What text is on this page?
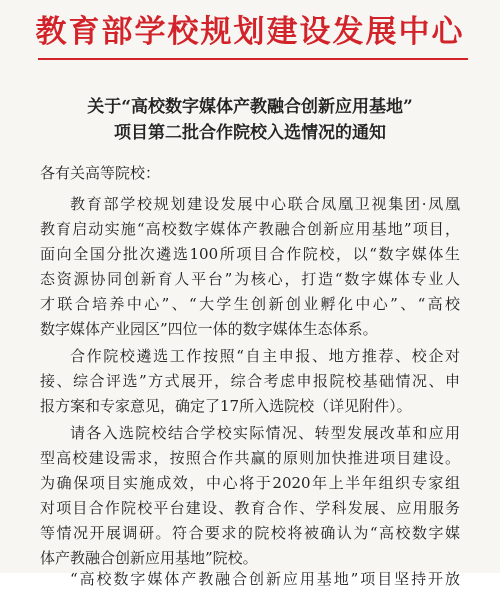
教育部学校规划建设发展中心
关于“高校数字媒体产教融合创新应用基地”
项目第二批合作院校入选情况的通知
各有关高等院校：
教育部学校规划建设发展中心联合凤凰卫视集团·凤凰
教育启动实施“高校数字媒体产教融合创新应用基地”项目，
面向全国分批次遴选100所项目合作院校，以“数字媒体生
态资源协同创新育人平台”为核心，打造“数字媒体专业人
才联合培养中心”、“大学生创新创业孵化中心”、“高校
数字媒体产业园区”四位一体的数字媒体生态体系。
合作院校遴选工作按照“自主申报、地方推荐、校企对
接、综合评选”方式展开，综合考虑申报院校基础情况、申
报方案和专家意见，确定了17所入选院校（详见附件）。
请各入选院校结合学校实际情况、转型发展改革和应用
型高校建设需求，按照合作共赢的原则加快推进项目建设。
为确保项目实施成效，中心将于2020年上半年组织专家组
对项目合作院校平台建设、教育合作、学科发展、应用服务
等情况开展调研。符合要求的院校将被确认为“高校数字媒
体产教融合创新应用基地”院校。
“高校数字媒体产教融合创新应用基地”项目坚持开放
